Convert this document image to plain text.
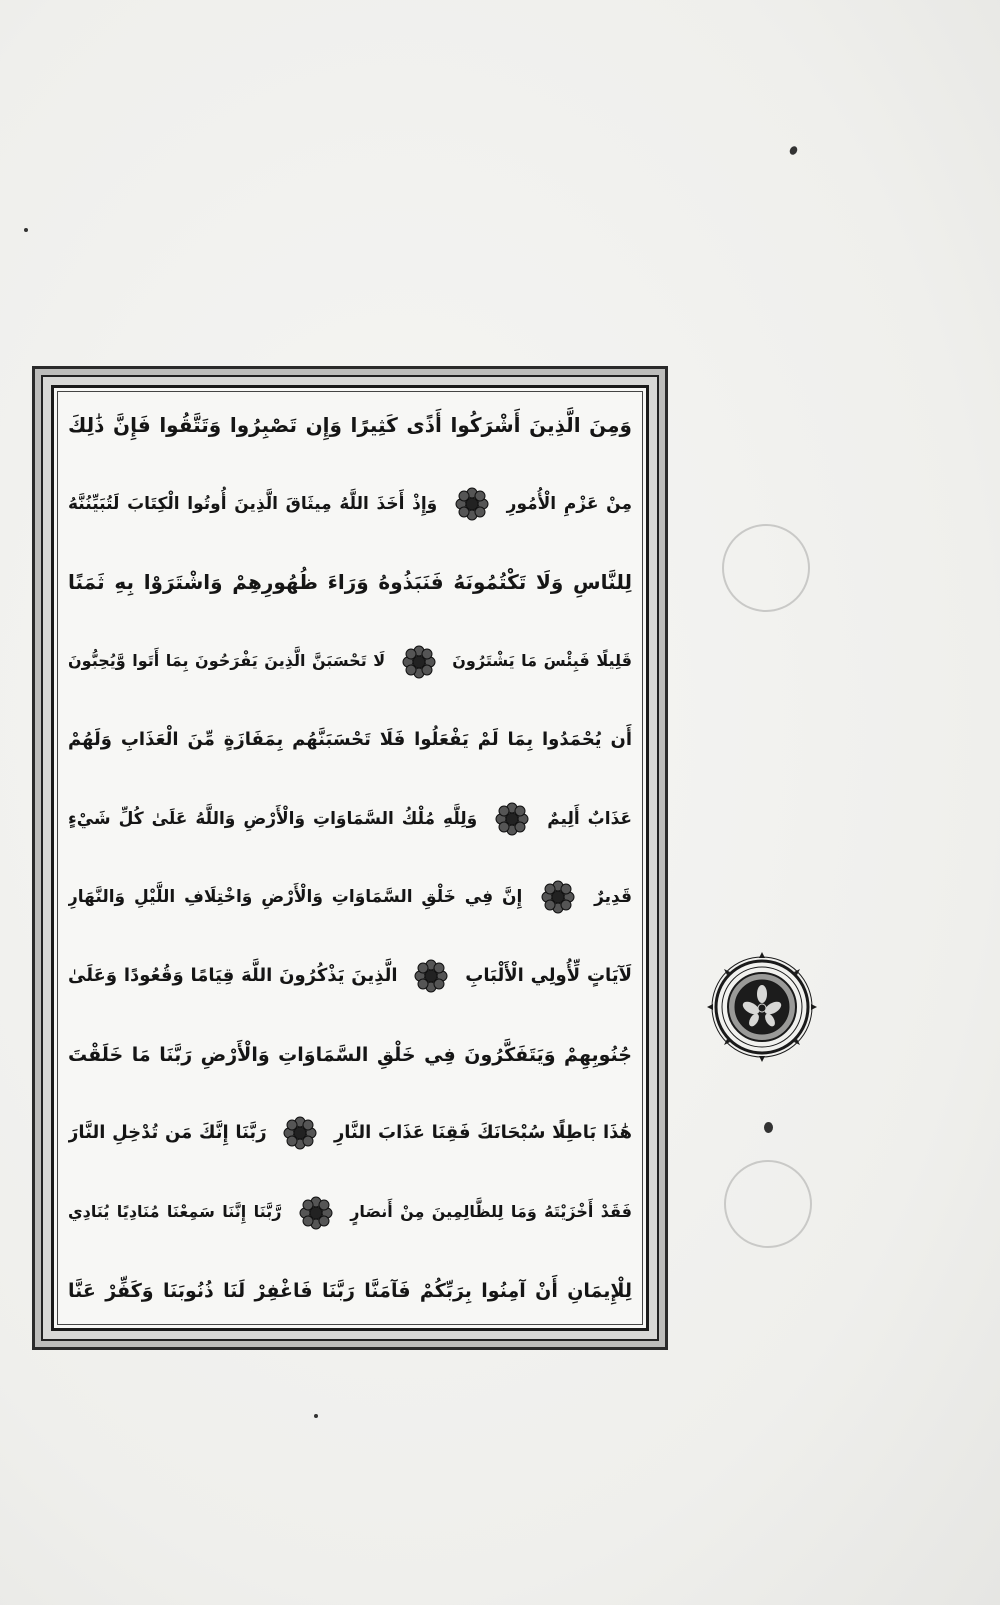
وَمِنَ الَّذِينَ أَشْرَكُوا أَذًى كَثِيرًا وَإِن تَصْبِرُوا وَتَتَّقُوا فَإِنَّ ذَٰلِكَ
مِنْ عَزْمِ الْأُمُورِ  وَإِذْ أَخَذَ اللَّهُ مِيثَاقَ الَّذِينَ أُوتُوا الْكِتَابَ لَتُبَيِّنُنَّهُ
لِلنَّاسِ وَلَا تَكْتُمُونَهُ فَنَبَذُوهُ وَرَاءَ ظُهُورِهِمْ وَاشْتَرَوْا بِهِ ثَمَنًا
قَلِيلًا فَبِئْسَ مَا يَشْتَرُونَ  لَا تَحْسَبَنَّ الَّذِينَ يَفْرَحُونَ بِمَا أَتَوا وَّيُحِبُّونَ
أَن يُحْمَدُوا بِمَا لَمْ يَفْعَلُوا فَلَا تَحْسَبَنَّهُم بِمَفَازَةٍ مِّنَ الْعَذَابِ وَلَهُمْ
عَذَابٌ أَلِيمٌ  وَلِلَّهِ مُلْكُ السَّمَاوَاتِ وَالْأَرْضِ وَاللَّهُ عَلَىٰ كُلِّ شَيْءٍ
قَدِيرٌ  إِنَّ فِي خَلْقِ السَّمَاوَاتِ وَالْأَرْضِ وَاخْتِلَافِ اللَّيْلِ وَالنَّهَارِ
لَآيَاتٍ لِّأُولِي الْأَلْبَابِ  الَّذِينَ يَذْكُرُونَ اللَّهَ قِيَامًا وَقُعُودًا وَعَلَىٰ
جُنُوبِهِمْ وَيَتَفَكَّرُونَ فِي خَلْقِ السَّمَاوَاتِ وَالْأَرْضِ رَبَّنَا مَا خَلَقْتَ
هَٰذَا بَاطِلًا سُبْحَانَكَ فَقِنَا عَذَابَ النَّارِ  رَبَّنَا إِنَّكَ مَن تُدْخِلِ النَّارَ
فَقَدْ أَخْزَيْتَهُ وَمَا لِلظَّالِمِينَ مِنْ أَنصَارٍ  رَّبَّنَا إِنَّنَا سَمِعْنَا مُنَادِيًا يُنَادِي
لِلْإِيمَانِ أَنْ آمِنُوا بِرَبِّكُمْ فَآمَنَّا رَبَّنَا فَاغْفِرْ لَنَا ذُنُوبَنَا وَكَفِّرْ عَنَّا
